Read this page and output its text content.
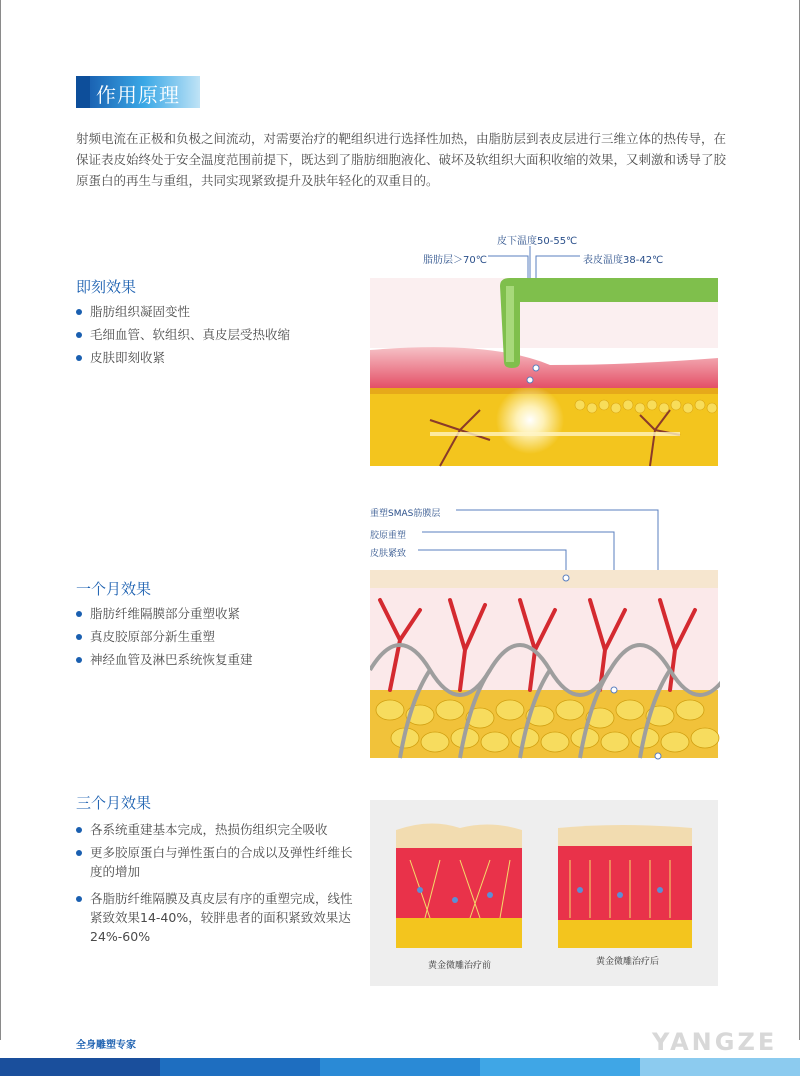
作用原理
射频电流在正极和负极之间流动，对需要治疗的靶组织进行选择性加热，由脂肪层到表皮层进行三维立体的热传导，在保证表皮始终处于安全温度范围前提下，既达到了脂肪细胞液化、破坏及软组织大面积收缩的效果，又刺激和诱导了胶原蛋白的再生与重组，共同实现紧致提升及肤年轻化的双重目的。
即刻效果
脂肪组织凝固变性
毛细血管、软组织、真皮层受热收缩
皮肤即刻收紧
皮下温度50-55℃
脂肪层＞70℃	表皮温度38-42℃
重塑SMAS筋膜层
胶原重塑
皮肤紧致
一个月效果
脂肪纤维隔膜部分重塑收紧
真皮胶原部分新生重塑
神经血管及淋巴系统恢复重建
三个月效果
各系统重建基本完成，热损伤组织完全吸收
更多胶原蛋白与弹性蛋白的合成以及弹性纤维长度的增加
各脂肪纤维隔膜及真皮层有序的重塑完成，线性紧致效果14-40%，较胖患者的面积紧致效果达24%-60%
黄金微雕治疗前	黄金微雕治疗后
全身雕塑专家	YANGZE
